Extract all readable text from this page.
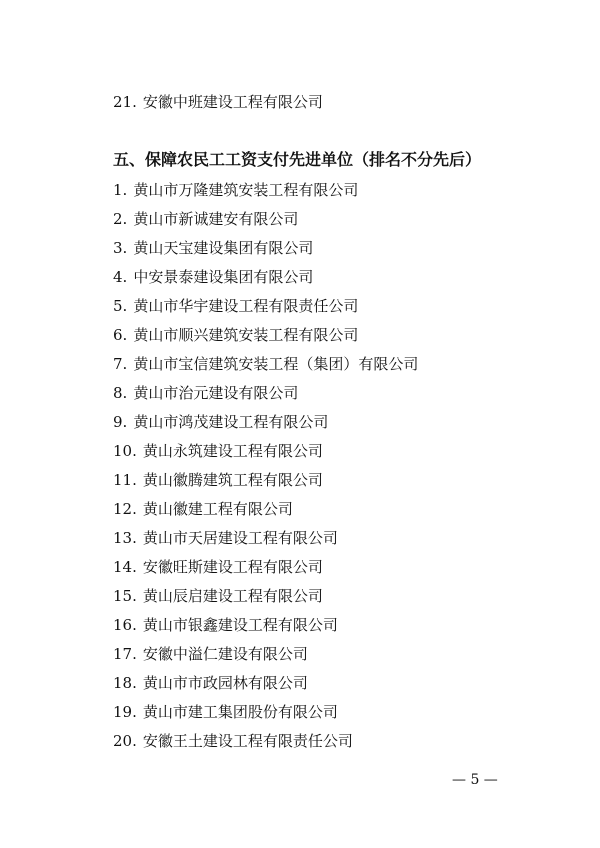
21. 安徽中班建设工程有限公司
五、保障农民工工资支付先进单位（排名不分先后）
1. 黄山市万隆建筑安装工程有限公司
2. 黄山市新诚建安有限公司
3. 黄山天宝建设集团有限公司
4. 中安景泰建设集团有限公司
5. 黄山市华宇建设工程有限责任公司
6. 黄山市顺兴建筑安装工程有限公司
7. 黄山市宝信建筑安装工程（集团）有限公司
8. 黄山市治元建设有限公司
9. 黄山市鸿茂建设工程有限公司
10. 黄山永筑建设工程有限公司
11. 黄山徽腾建筑工程有限公司
12. 黄山徽建工程有限公司
13. 黄山市天居建设工程有限公司
14. 安徽旺斯建设工程有限公司
15. 黄山辰启建设工程有限公司
16. 黄山市银鑫建设工程有限公司
17. 安徽中溢仁建设有限公司
18. 黄山市市政园林有限公司
19. 黄山市建工集团股份有限公司
20. 安徽王土建设工程有限责任公司
— 5 —
